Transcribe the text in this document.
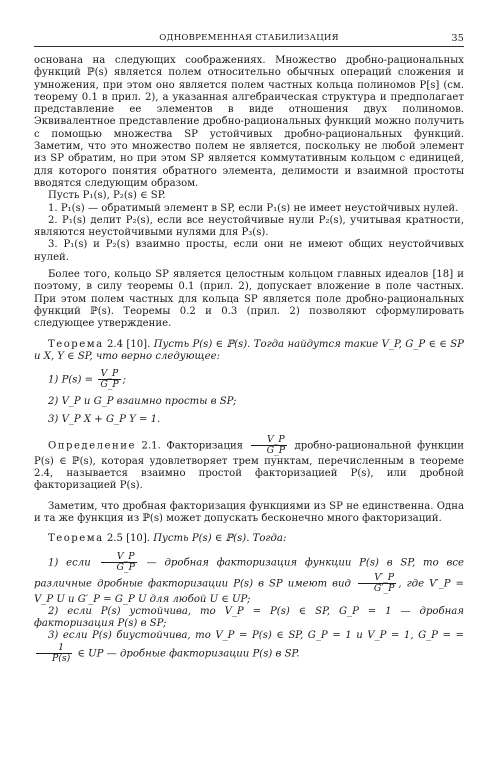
ОДНОВРЕМЕННАЯ СТАБИЛИЗАЦИЯ	35

основана на следующих соображениях. Множество дробно-рациональных функций ℙ(s) является полем относительно обычных операций сложения и умножения, при этом оно является полем частных кольца полиномов P[s] (см. теорему 0.1 в прил. 2), а указанная алгебраическая структура и предполагает представление ее элементов в виде отношения двух полиномов. Эквивалентное представление дробно-рациональных функций можно получить с помощью множества SP устойчивых дробно-рациональных функций. Заметим, что это множество полем не является, поскольку не любой элемент из SP обратим, но при этом SP является коммутативным кольцом с единицей, для которого понятия обратного элемента, делимости и взаимной простоты вводятся следующим образом.

Пусть P₁(s), P₂(s) ∈ SP.

1. P₁(s) — обратимый элемент в SP, если P₁(s) не имеет неустойчивых нулей.

2. P₁(s) делит P₂(s), если все неустойчивые нули P₂(s), учитывая кратности, являются неустойчивыми нулями для P₃(s).

3. P₁(s) и P₂(s) взаимно просты, если они не имеют общих неустойчивых нулей.

Более того, кольцо SP является целостным кольцом главных идеалов [18] и поэтому, в силу теоремы 0.1 (прил. 2), допускает вложение в поле частных. При этом полем частных для кольца SP является поле дробно-рациональных функций ℙ(s). Теоремы 0.2 и 0.3 (прил. 2) позволяют сформулировать следующее утверждение.

Теорема 2.4 [10]. Пусть P(s) ∈ ℙ(s). Тогда найдутся такие V_P, G_P ∈ ∈ SP и X, Y ∈ SP, что верно следующее:

1) $P(s) = \frac{V\_P}{G\_P}$ ;

2) V_P и G_P взаимно просты в SP;

3) V_P X + G_P Y = 1.

Определение 2.1. Факторизация $\frac{V\_P}{G\_P}$ дробно-рациональной функции P(s) ∈ ℙ(s), которая удовлетворяет трем пунктам, перечисленным в теореме 2.4, называется взаимно простой факторизацией P(s), или дробной факторизацией P(s).

Заметим, что дробная факторизация функциями из SP не единственна. Одна и та же функция из ℙ(s) может допускать бесконечно много факторизаций.

Теорема 2.5 [10]. Пусть P(s) ∈ ℙ(s). Тогда:

1) если $\frac{V\_P}{G\_P}$ — дробная факторизация функции P(s) в SP, то все различные дробные факторизации P(s) в SP имеют вид $\frac{V'\_P}{G'\_P}$ , где V′_P = V_P U и G′_P = G_P U для любой U ∈ UP;

2) если P(s) устойчива, то V_P = P(s) ∈ SP, G_P = 1 — дробная факторизация P(s) в SP;

3) если P(s) биустойчива, то V_P = P(s) ∈ SP, G_P = 1 и V_P = 1, G_P = =
$\frac{1}{P(s)}$ ∈ UP — дробные факторизации P(s) в SP.
